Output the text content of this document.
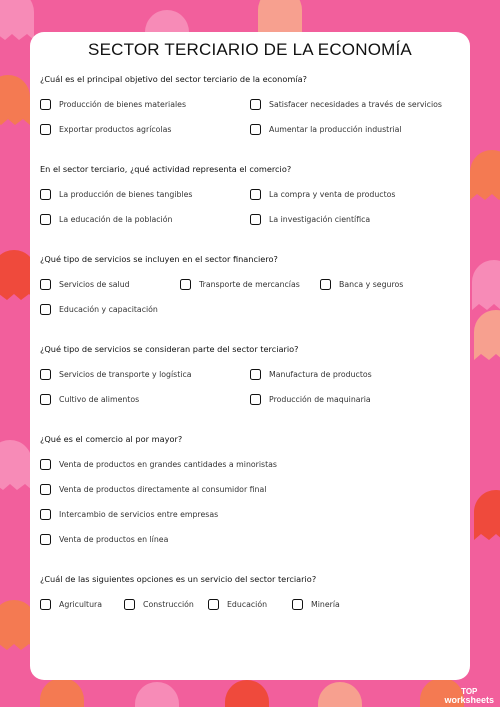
SECTOR TERCIARIO DE LA ECONOMÍA
¿Cuál es el principal objetivo del sector terciario de la economía?
Producción de bienes materiales	Satisfacer necesidades a través de servicios
Exportar productos agrícolas	Aumentar la producción industrial
En el sector terciario, ¿qué actividad representa el comercio?
La producción de bienes tangibles	La compra y venta de productos
La educación de la población	La investigación científica
¿Qué tipo de servicios se incluyen en el sector financiero?
Servicios de salud	Transporte de mercancías	Banca y seguros
Educación y capacitación
¿Qué tipo de servicios se consideran parte del sector terciario?
Servicios de transporte y logística	Manufactura de productos
Cultivo de alimentos	Producción de maquinaria
¿Qué es el comercio al por mayor?
Venta de productos en grandes cantidades a minoristas
Venta de productos directamente al consumidor final
Intercambio de servicios entre empresas
Venta de productos en línea
¿Cuál de las siguientes opciones es un servicio del sector terciario?
Agricultura	Construcción	Educación	Minería
TOP
worksheets
